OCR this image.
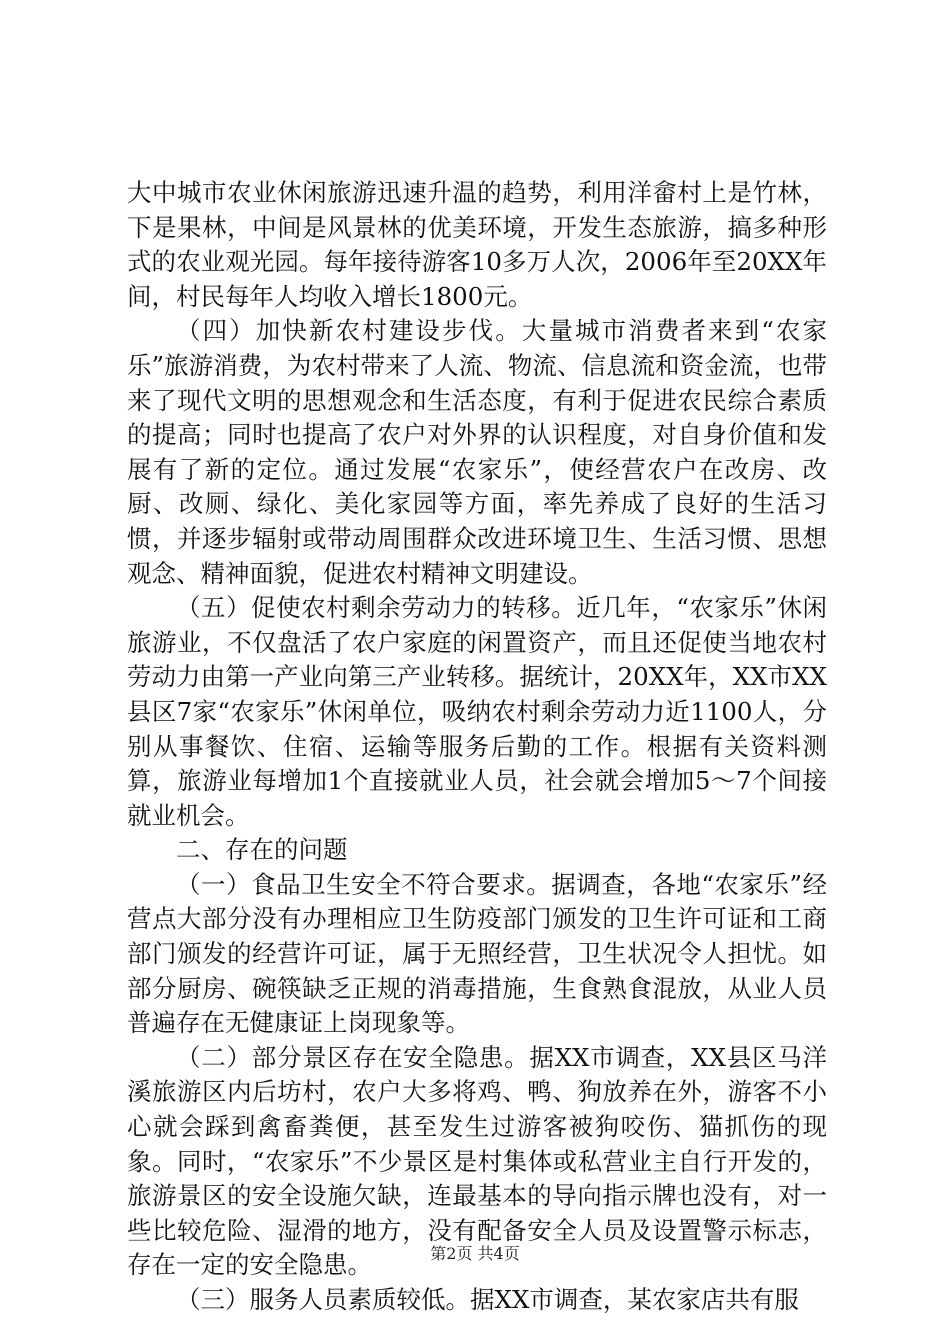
大中城市农业休闲旅游迅速升温的趋势，利用洋畲村上是竹林，下是果林，中间是风景林的优美环境，开发生态旅游，搞多种形式的农业观光园。每年接待游客10多万人次，2006年至20XX年间，村民每年人均收入增长1800元。

（四）加快新农村建设步伐。大量城市消费者来到“农家乐”旅游消费，为农村带来了人流、物流、信息流和资金流，也带来了现代文明的思想观念和生活态度，有利于促进农民综合素质的提高；同时也提高了农户对外界的认识程度，对自身价值和发展有了新的定位。通过发展“农家乐”，使经营农户在改房、改厨、改厕、绿化、美化家园等方面，率先养成了良好的生活习惯，并逐步辐射或带动周围群众改进环境卫生、生活习惯、思想观念、精神面貌，促进农村精神文明建设。

（五）促使农村剩余劳动力的转移。近几年，“农家乐”休闲旅游业，不仅盘活了农户家庭的闲置资产，而且还促使当地农村劳动力由第一产业向第三产业转移。据统计，20XX年，XX市XX县区7家“农家乐”休闲单位，吸纳农村剩余劳动力近1100人，分别从事餐饮、住宿、运输等服务后勤的工作。根据有关资料测算，旅游业每增加1个直接就业人员，社会就会增加5～7个间接就业机会。

二、存在的问题

（一）食品卫生安全不符合要求。据调查，各地“农家乐”经营点大部分没有办理相应卫生防疫部门颁发的卫生许可证和工商部门颁发的经营许可证，属于无照经营，卫生状况令人担忧。如部分厨房、碗筷缺乏正规的消毒措施，生食熟食混放，从业人员普遍存在无健康证上岗现象等。

（二）部分景区存在安全隐患。据XX市调查，XX县区马洋溪旅游区内后坊村，农户大多将鸡、鸭、狗放养在外，游客不小心就会踩到禽畜粪便，甚至发生过游客被狗咬伤、猫抓伤的现象。同时，“农家乐”不少景区是村集体或私营业主自行开发的，旅游景区的安全设施欠缺，连最基本的导向指示牌也没有，对一些比较危险、湿滑的地方，没有配备安全人员及设置警示标志，存在一定的安全隐患。

（三）服务人员素质较低。据XX市调查，某农家店共有服

第2页 共4页
